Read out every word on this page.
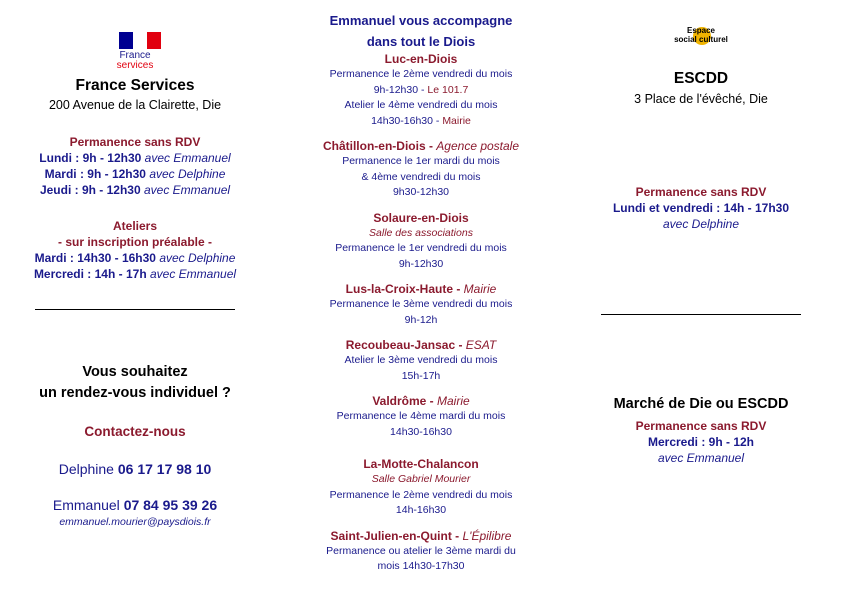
France
services
France Services
200 Avenue de la Clairette, Die
Permanence sans RDV
Lundi : 9h - 12h30 avec Emmanuel
Mardi : 9h - 12h30 avec Delphine
Jeudi : 9h - 12h30 avec Emmanuel
Ateliers
- sur inscription préalable -
Mardi : 14h30 - 16h30 avec Delphine
Mercredi : 14h - 17h avec Emmanuel
Vous souhaitez
un rendez-vous individuel ?
Contactez-nous
Delphine 06 17 17 98 10
Emmanuel 07 84 95 39 26
emmanuel.mourier@paysdiois.fr
Emmanuel vous accompagne
dans tout le Diois
Luc-en-Diois
Permanence le 2ème vendredi du mois
9h-12h30 - Le 101.7
Atelier le 4ème vendredi du mois
14h30-16h30 - Mairie
Châtillon-en-Diois - Agence postale
Permanence le 1er mardi du mois
& 4ème vendredi du mois
9h30-12h30
Solaure-en-Diois
Salle des associations
Permanence le 1er vendredi du mois
9h-12h30
Lus-la-Croix-Haute - Mairie
Permanence le 3ème vendredi du mois
9h-12h
Recoubeau-Jansac - ESAT
Atelier le 3ème vendredi du mois
15h-17h
Valdrôme - Mairie
Permanence le 4ème mardi du mois
14h30-16h30
La-Motte-Chalancon
Salle Gabriel Mourier
Permanence le 2ème vendredi du mois
14h-16h30
Saint-Julien-en-Quint - L'Épilibre
Permanence ou atelier le 3ème mardi du
mois 14h30-17h30
Espace
social culturel
ESCDD
3 Place de l'évêché, Die
Permanence sans RDV
Lundi et vendredi : 14h - 17h30
avec Delphine
Marché de Die ou ESCDD
Permanence sans RDV
Mercredi : 9h - 12h
avec Emmanuel
